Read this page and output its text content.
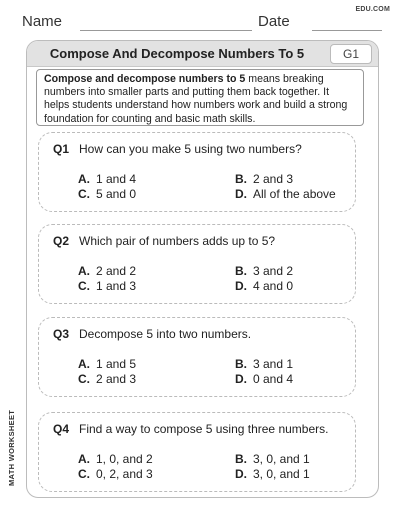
Name	Date
EDU.COM
Compose And Decompose Numbers To 5	G1
Compose and decompose numbers to 5 means breaking numbers into smaller parts and putting them back together. It helps students understand how numbers work and build a strong foundation for counting and basic math skills.
Q1 How can you make 5 using two numbers?
A. 1 and 4	B. 2 and 3
C. 5 and 0	D. All of the above
Q2 Which pair of numbers adds up to 5?
A. 2 and 2	B. 3 and 2
C. 1 and 3	D. 4 and 0
Q3 Decompose 5 into two numbers.
A. 1 and 5	B. 3 and 1
C. 2 and 3	D. 0 and 4
Q4 Find a way to compose 5 using three numbers.
A. 1, 0, and 2	B. 3, 0, and 1
C. 0, 2, and 3	D. 3, 0, and 1
MATH WORKSHEET
